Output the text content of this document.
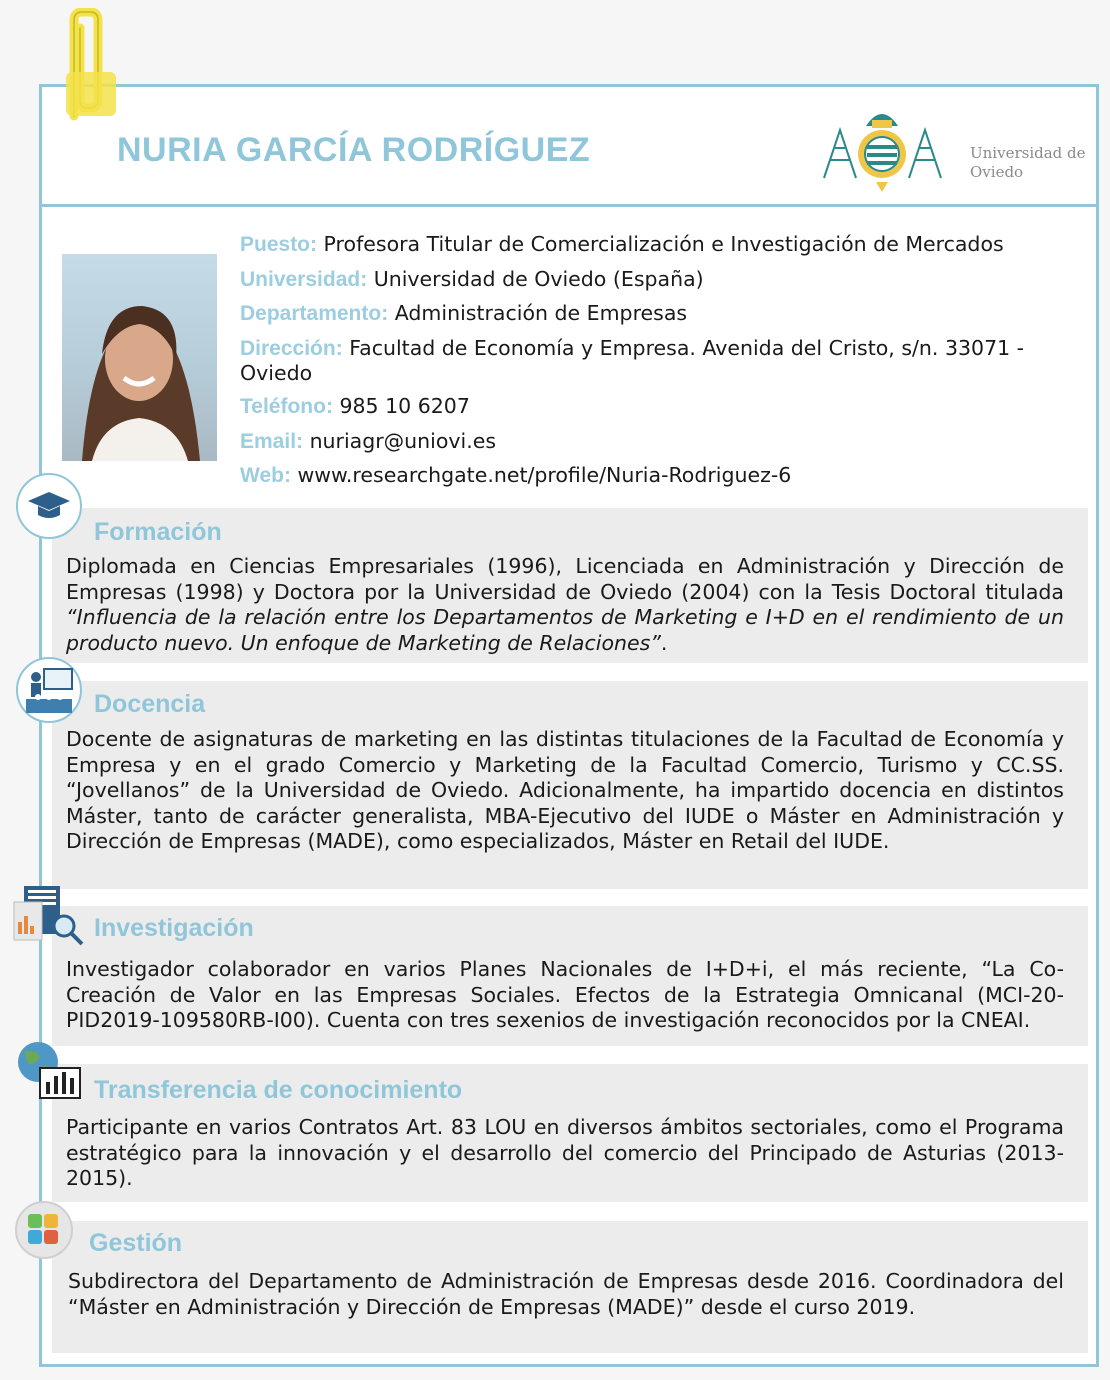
NURIA GARCÍA RODRÍGUEZ	Universidad de
Oviedo
Puesto: Profesora Titular de Comercialización e Investigación de Mercados
Universidad: Universidad de Oviedo (España)
Departamento: Administración de Empresas
Dirección: Facultad de Economía y Empresa. Avenida del Cristo, s/n. 33071 - Oviedo
Teléfono: 985 10 6207
Email: nuriagr@uniovi.es
Web: www.researchgate.net/profile/Nuria-Rodriguez-6
Formación
Diplomada en Ciencias Empresariales (1996), Licenciada en Administración y Dirección de Empresas (1998) y Doctora por la Universidad de Oviedo (2004) con la Tesis Doctoral titulada “Influencia de la relación entre los Departamentos de Marketing e I+D en el rendimiento de un producto nuevo. Un enfoque de Marketing de Relaciones”.
Docencia
Docente de asignaturas de marketing en las distintas titulaciones de la Facultad de Economía y Empresa y en el grado Comercio y Marketing de la Facultad Comercio, Turismo y CC.SS. “Jovellanos” de la Universidad de Oviedo. Adicionalmente, ha impartido docencia en distintos Máster, tanto de carácter generalista, MBA-Ejecutivo del IUDE o Máster en Administración y Dirección de Empresas (MADE), como especializados, Máster en Retail del IUDE.
Investigación
Investigador colaborador en varios Planes Nacionales de I+D+i, el más reciente, “La Co-Creación de Valor en las Empresas Sociales. Efectos de la Estrategia Omnicanal (MCI-20-PID2019-109580RB-I00). Cuenta con tres sexenios de investigación reconocidos por la CNEAI.
Transferencia de conocimiento
Participante en varios Contratos Art. 83 LOU en diversos ámbitos sectoriales, como el Programa estratégico para la innovación y el desarrollo del comercio del Principado de Asturias (2013-2015).
Gestión
Subdirectora del Departamento de Administración de Empresas desde 2016. Coordinadora del “Máster en Administración y Dirección de Empresas (MADE)” desde el curso 2019.
